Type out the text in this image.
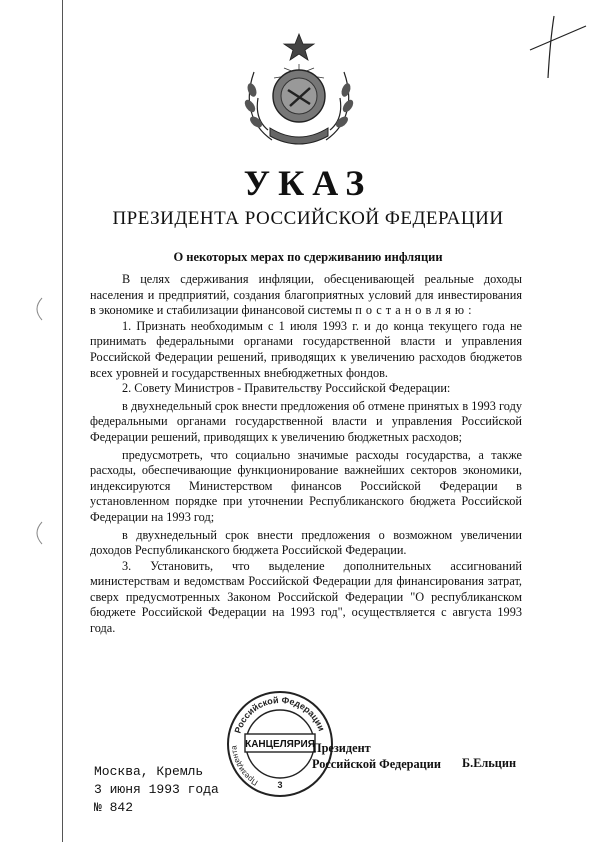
УКАЗ
ПРЕЗИДЕНТА РОССИЙСКОЙ ФЕДЕРАЦИИ
О некоторых мерах по сдерживанию инфляции

В целях сдерживания инфляции, обесценивающей реальные доходы населения и предприятий, создания благоприятных условий для инвестирования в экономике и стабилизации финансовой системы постановляю:

1. Признать необходимым с 1 июля 1993 г. и до конца текущего года не принимать федеральными органами государственной власти и управления Российской Федерации решений, приводящих к увеличению расходов бюджетов всех уровней и государственных внебюджетных фондов.

2. Совету Министров - Правительству Российской Федерации:

в двухнедельный срок внести предложения об отмене принятых в 1993 году федеральными органами государственной власти и управления Российской Федерации решений, приводящих к увеличению бюджетных расходов;

предусмотреть, что социально значимые расходы государства, а также расходы, обеспечивающие функционирование важнейших секторов экономики, индексируются Министерством финансов Российской Федерации в установленном порядке при уточнении Республиканского бюджета Российской Федерации на 1993 год;

в двухнедельный срок внести предложения о возможном увеличении доходов Республиканского бюджета Российской Федерации.

3. Установить, что выделение дополнительных ассигнований министерствам и ведомствам Российской Федерации для финансирования затрат, сверх предусмотренных Законом Российской Федерации "О республиканском бюджете Российской Федерации на 1993 год", осуществляется с августа 1993 года.

Российской Федерации
Президента КАНЦЕЛЯРИЯ
3
Президент
Российской Федерации Б.Ельцин
Москва, Кремль
3 июня 1993 года
№ 842
